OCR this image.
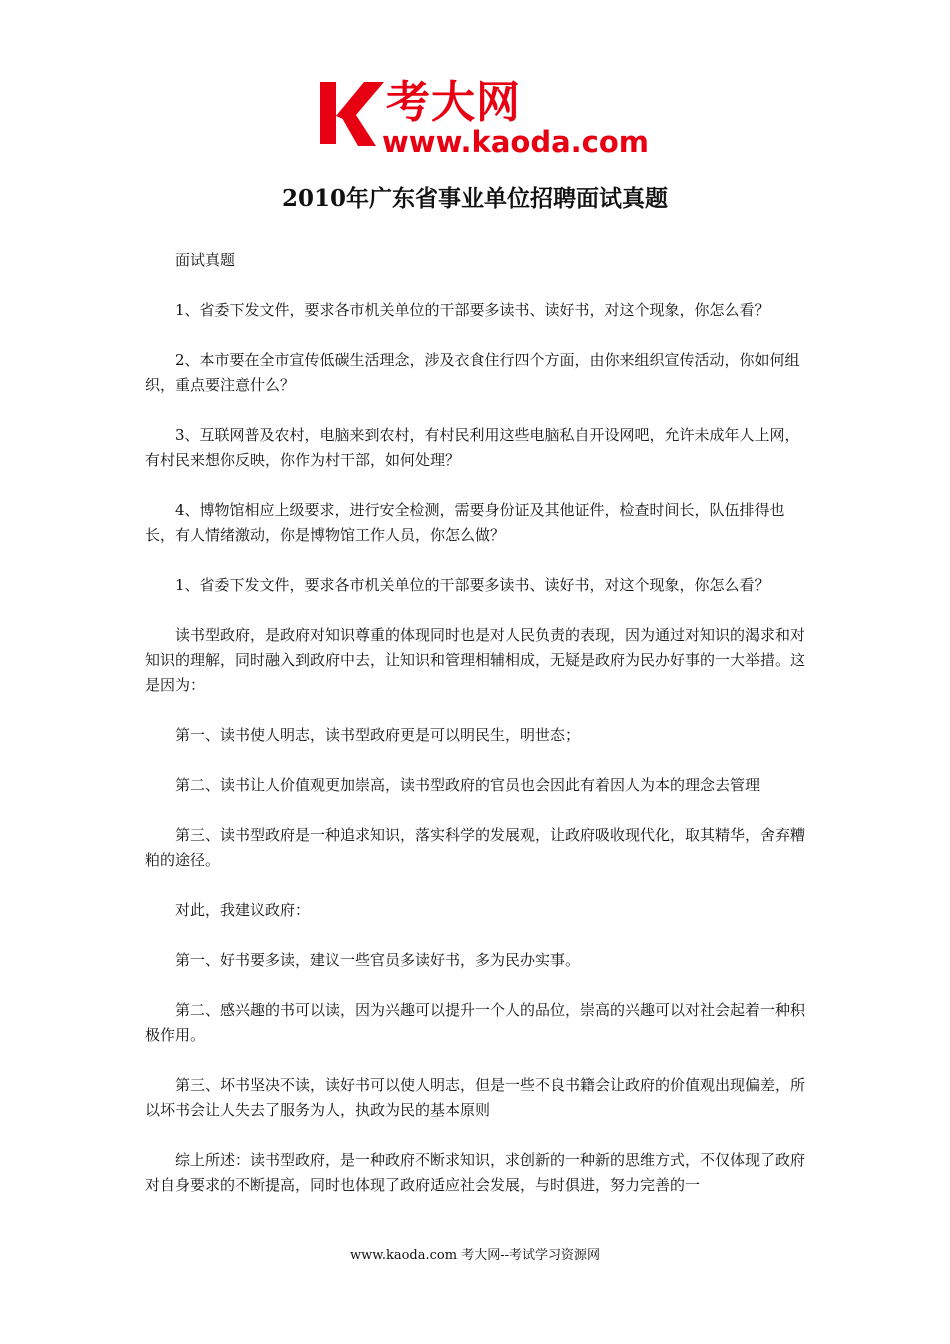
考大网
www.kaoda.com
2010年广东省事业单位招聘面试真题

面试真题

1、省委下发文件，要求各市机关单位的干部要多读书、读好书，对这个现象，你怎么看？

2、本市要在全市宣传低碳生活理念，涉及衣食住行四个方面，由你来组织宣传活动，你如何组织，重点要注意什么？

3、互联网普及农村，电脑来到农村，有村民利用这些电脑私自开设网吧，允许未成年人上网，有村民来想你反映，你作为村干部，如何处理？

4、博物馆相应上级要求，进行安全检测，需要身份证及其他证件，检查时间长，队伍排得也长，有人情绪激动，你是博物馆工作人员，你怎么做？

1、省委下发文件，要求各市机关单位的干部要多读书、读好书，对这个现象，你怎么看？

读书型政府，是政府对知识尊重的体现同时也是对人民负责的表现，因为通过对知识的渴求和对知识的理解，同时融入到政府中去，让知识和管理相辅相成，无疑是政府为民办好事的一大举措。这是因为：

第一、读书使人明志，读书型政府更是可以明民生，明世态；

第二、读书让人价值观更加崇高，读书型政府的官员也会因此有着因人为本的理念去管理

第三、读书型政府是一种追求知识，落实科学的发展观，让政府吸收现代化，取其精华，舍弃糟粕的途径。

对此，我建议政府：

第一、好书要多读，建议一些官员多读好书，多为民办实事。

第二、感兴趣的书可以读，因为兴趣可以提升一个人的品位，崇高的兴趣可以对社会起着一种积极作用。

第三、坏书坚决不读，读好书可以使人明志，但是一些不良书籍会让政府的价值观出现偏差，所以坏书会让人失去了服务为人，执政为民的基本原则

综上所述：读书型政府，是一种政府不断求知识，求创新的一种新的思维方式，不仅体现了政府对自身要求的不断提高，同时也体现了政府适应社会发展，与时俱进，努力完善的一

www.kaoda.com 考大网--考试学习资源网
